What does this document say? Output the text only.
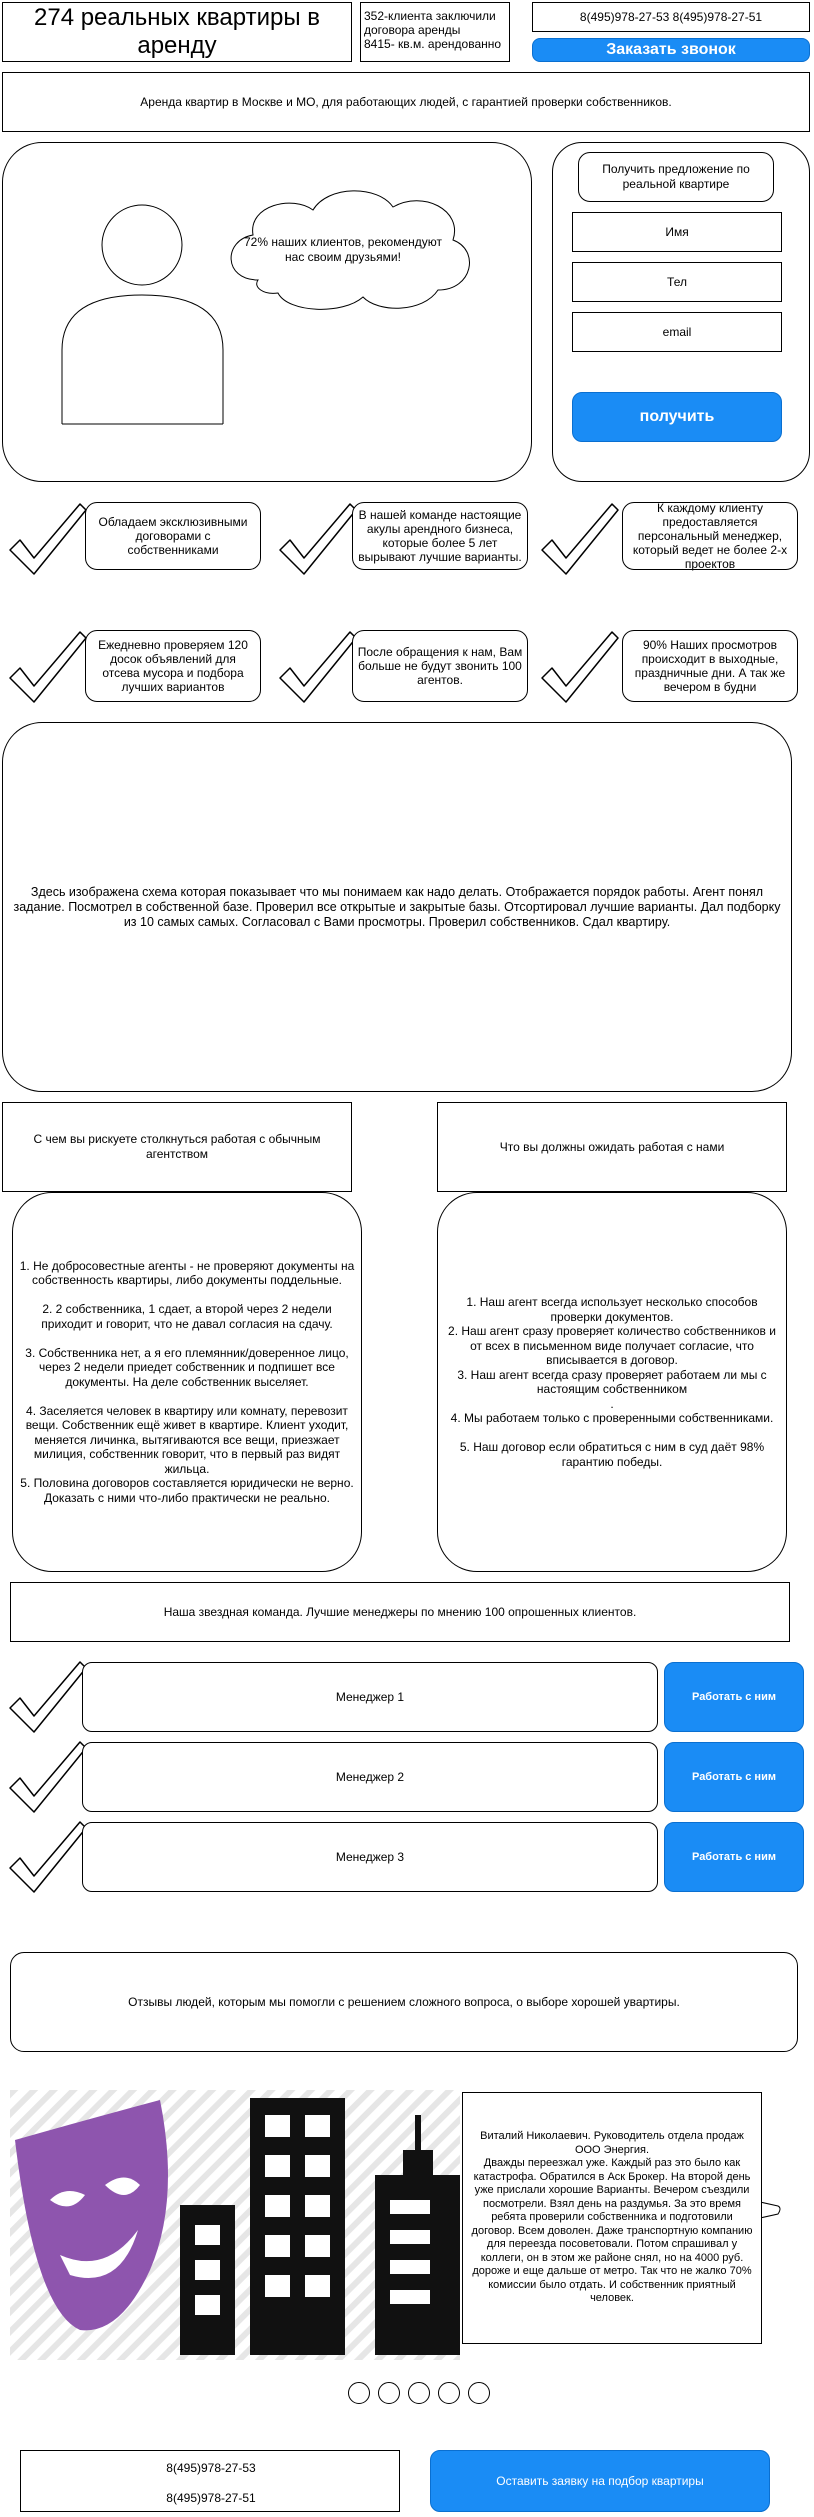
274 реальных квартиры в аренду
352-клиента заключили договора аренды
8415- кв.м. арендованно
8(495)978-27-53 8(495)978-27-51
Заказать звонок
Аренда квартир в Москве и МО, для работающих людей, с гарантией проверки собственников.
72% наших клиентов, рекомендуют нас своим друзьями!
Получить предложение по реальной квартире
Имя
Тел
email
получить
Обладаем эксклюзивными договорами с собственниками
В нашей команде настоящие акулы арендного бизнеса, которые более 5 лет вырывают лучшие варианты.
К каждому клиенту предоставляется персональный менеджер, который ведет не более 2-х проектов
Ежедневно проверяем 120 досок объявлений для отсева мусора и подбора лучших вариантов
После обращения к нам, Вам больше не будут звонить 100 агентов.
90% Наших просмотров происходит в выходные, праздничные дни. А так же вечером в будни
Здесь изображена схема которая показывает что мы понимаем как надо делать. Отображается порядок работы. Агент понял задание. Посмотрел в собственной базе. Проверил все открытые и закрытые базы. Отсортировал лучшие варианты. Дал подборку из 10 самых самых. Согласовал с Вами просмотры. Проверил собственников. Сдал квартиру.
С чем вы рискуете столкнуться работая с обычным агентством
Что вы должны ожидать работая с нами
1. Не добросовестные агенты - не проверяют документы на собственность квартиры, либо документы поддельные.

2. 2 собственника, 1 сдает, а второй через 2 недели приходит и говорит, что не давал согласия на сдачу.

3. Собственника нет, а я его племянник/доверенное лицо, через 2 недели приедет собственник и подпишет все документы. На деле собственник выселяет.

4. Заселяется человек в квартиру или комнату, перевозит вещи. Собственник ещё живет в квартире. Клиент уходит, меняется личинка, вытягиваются все вещи, приезжает милиция, собственник говорит, что в первый раз видят жильца.
5. Половина договоров составляется юридически не верно. Доказать с ними что-либо практически не реально.
1. Наш агент всегда использует несколько способов проверки документов.
2. Наш агент сразу проверяет количество собственников и от всех в письменном виде получает согласие, что вписывается в договор.
3. Наш агент всегда сразу проверяет работаем ли мы с настоящим собственником
.
4. Мы работаем только с проверенными собственниками.

5. Наш договор если обратиться с ним в суд даёт 98% гарантию победы.
Наша звездная команда. Лучшие менеджеры по мнению 100 опрошенных клиентов.
Менеджер 1	Работать с ним
Менеджер 2	Работать с ним
Менеджер 3	Работать с ним
Отзывы людей, которым мы помогли с решением сложного вопроса, о выборе хорошей увартиры.
Виталий Николаевич. Руководитель отдела продаж ООО Энергия.
Дважды переезжал уже. Каждый раз это было как катастрофа. Обратился в Аск Брокер. На второй день уже прислали хорошие Варианты. Вечером съездили посмотрели. Взял день на раздумья. За это время ребята проверили собственника и подготовили договор. Всем доволен. Даже транспортную компанию для переезда посоветовали. Потом спрашивал у коллеги, он в этом же районе снял, но на 4000 руб. дороже и еще дальше от метро. Так что не жалко 70% комиссии было отдать. И собственник приятный человек.
8(495)978-27-53
8(495)978-27-51
Оставить заявку на подбор квартиры
